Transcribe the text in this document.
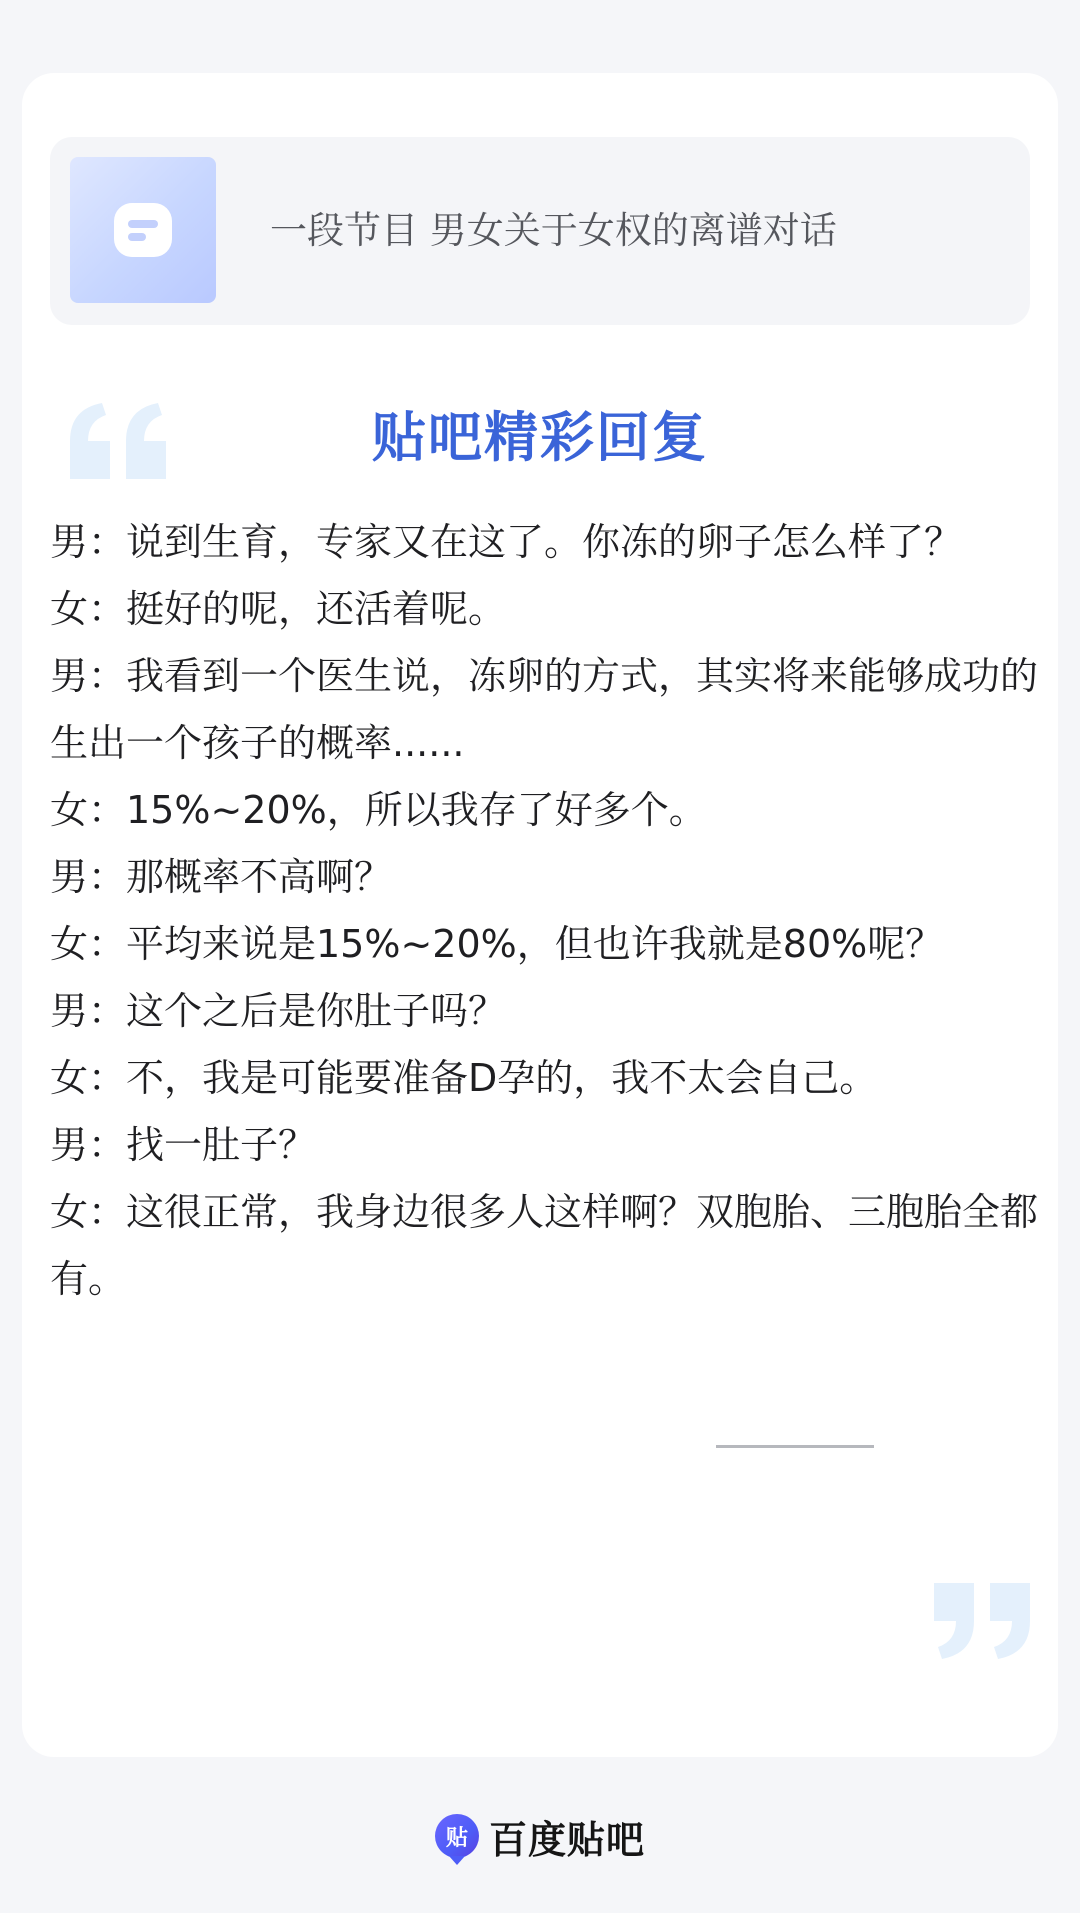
一段节目 男女关于女权的离谱对话
贴吧精彩回复

男：说到生育，专家又在这了。你冻的卵子怎么样了？

女：挺好的呢，还活着呢。

男：我看到一个医生说，冻卵的方式，其实将来能够成功的生出一个孩子的概率......

女：15%~20%，所以我存了好多个。

男：那概率不高啊？

女：平均来说是15%~20%，但也许我就是80%呢？

男：这个之后是你肚子吗？

女：不，我是可能要准备D孕的，我不太会自己。

男：找一肚子？

女：这很正常，我身边很多人这样啊？双胞胎、三胞胎全都有。

贴 百度贴吧
